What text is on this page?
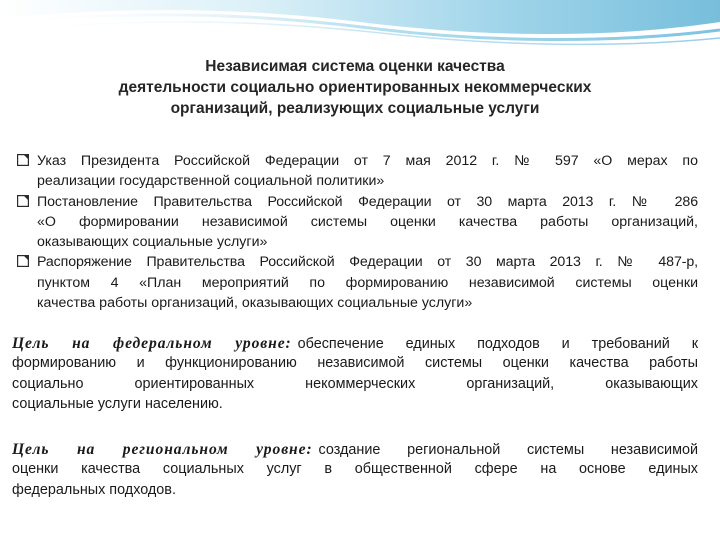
Независимая система оценки качества
деятельности социально ориентированных некоммерческих
организаций, реализующих социальные услуги
Указ Президента Российской Федерации от 7 мая 2012 г. № 597 «О мерах по
реализации государственной социальной политики»
Постановление Правительства Российской Федерации от 30 марта 2013 г. № 286
«О формировании независимой системы оценки качества работы организаций,
оказывающих социальные услуги»
Распоряжение Правительства Российской Федерации от 30 марта 2013 г. № 487-р,
пунктом 4 «План мероприятий по формированию независимой системы оценки
качества работы организаций, оказывающих социальные услуги»
Цель на федеральном уровне: обеспечение единых подходов и требований к
формированию и функционированию независимой системы оценки качества работы
социально ориентированных некоммерческих организаций, оказывающих
социальные услуги населению.
Цель на региональном уровне: создание региональной системы независимой
оценки качества социальных услуг в общественной сфере на основе единых
федеральных подходов.
